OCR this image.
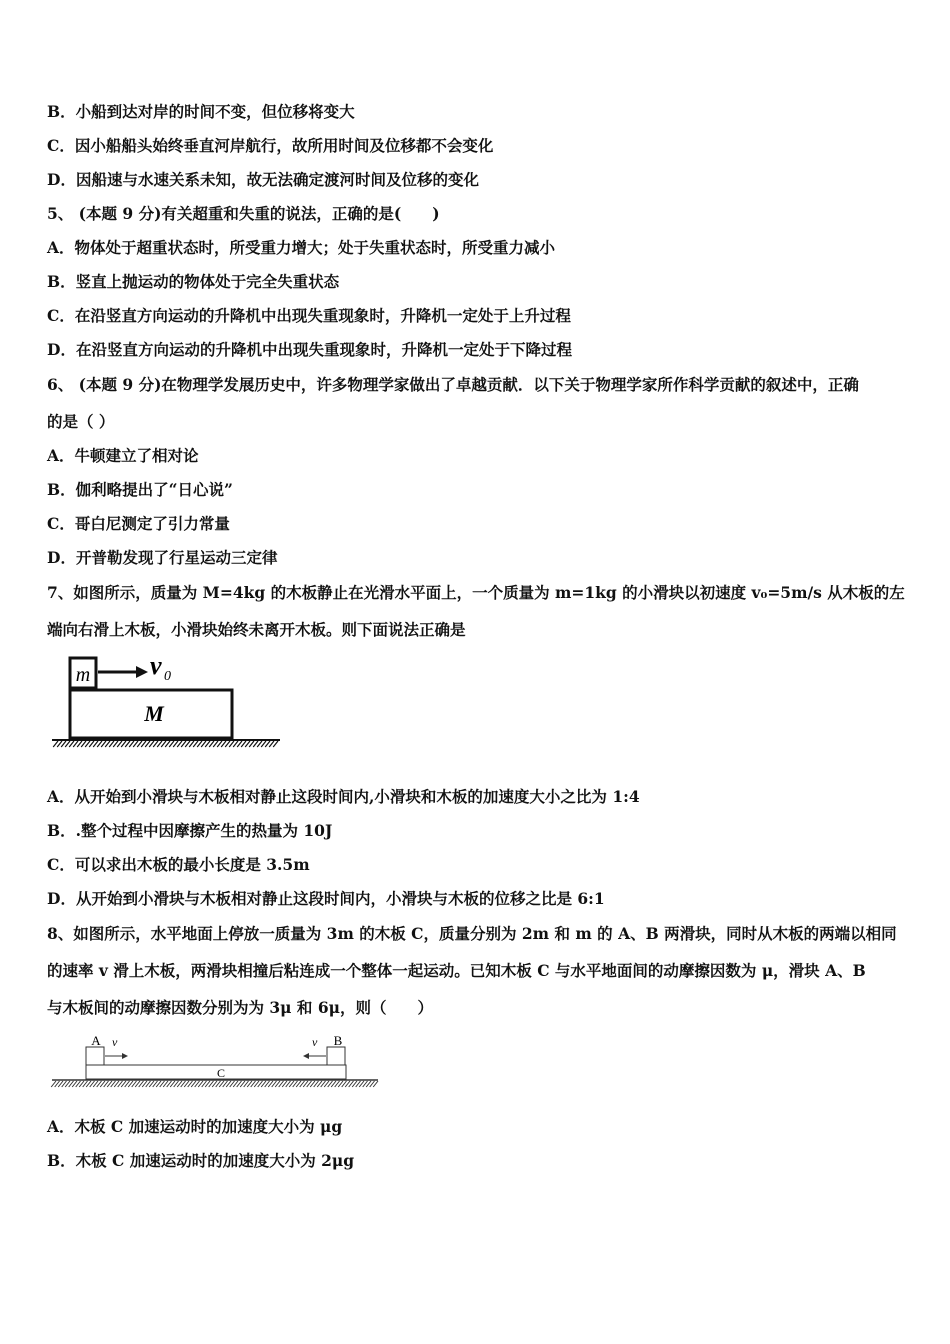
B．小船到达对岸的时间不变，但位移将变大
C．因小船船头始终垂直河岸航行，故所用时间及位移都不会变化
D．因船速与水速关系未知，故无法确定渡河时间及位移的变化
5、 (本题 9 分)有关超重和失重的说法，正确的是(　　)
A．物体处于超重状态时，所受重力增大；处于失重状态时，所受重力减小
B．竖直上抛运动的物体处于完全失重状态
C．在沿竖直方向运动的升降机中出现失重现象时，升降机一定处于上升过程
D．在沿竖直方向运动的升降机中出现失重现象时，升降机一定处于下降过程
6、 (本题 9 分)在物理学发展历史中，许多物理学家做出了卓越贡献．以下关于物理学家所作科学贡献的叙述中，正确
的是（ ）
A．牛顿建立了相对论
B．伽利略提出了“日心说”
C．哥白尼测定了引力常量
D．开普勒发现了行星运动三定律
7、如图所示，质量为 M=4kg 的木板静止在光滑水平面上，一个质量为 m=1kg 的小滑块以初速度 v₀=5m/s 从木板的左
端向右滑上木板，小滑块始终未离开木板。则下面说法正确是
A．从开始到小滑块与木板相对静止这段时间内,小滑块和木板的加速度大小之比为 1:4
B．.整个过程中因摩擦产生的热量为 10J
C．可以求出木板的最小长度是 3.5m
D．从开始到小滑块与木板相对静止这段时间内，小滑块与木板的位移之比是 6:1
8、如图所示，水平地面上停放一质量为 3m 的木板 C，质量分别为 2m 和 m 的 A、B 两滑块，同时从木板的两端以相同
的速率 v 滑上木板，两滑块相撞后粘连成一个整体一起运动。已知木板 C 与水平地面间的动摩擦因数为 μ，滑块 A、B
与木板间的动摩擦因数分别为为 3μ 和 6μ，则（　　）
A．木板 C 加速运动时的加速度大小为 μg
B．木板 C 加速运动时的加速度大小为 2μg
m v 0
M
A v	B
v
C
